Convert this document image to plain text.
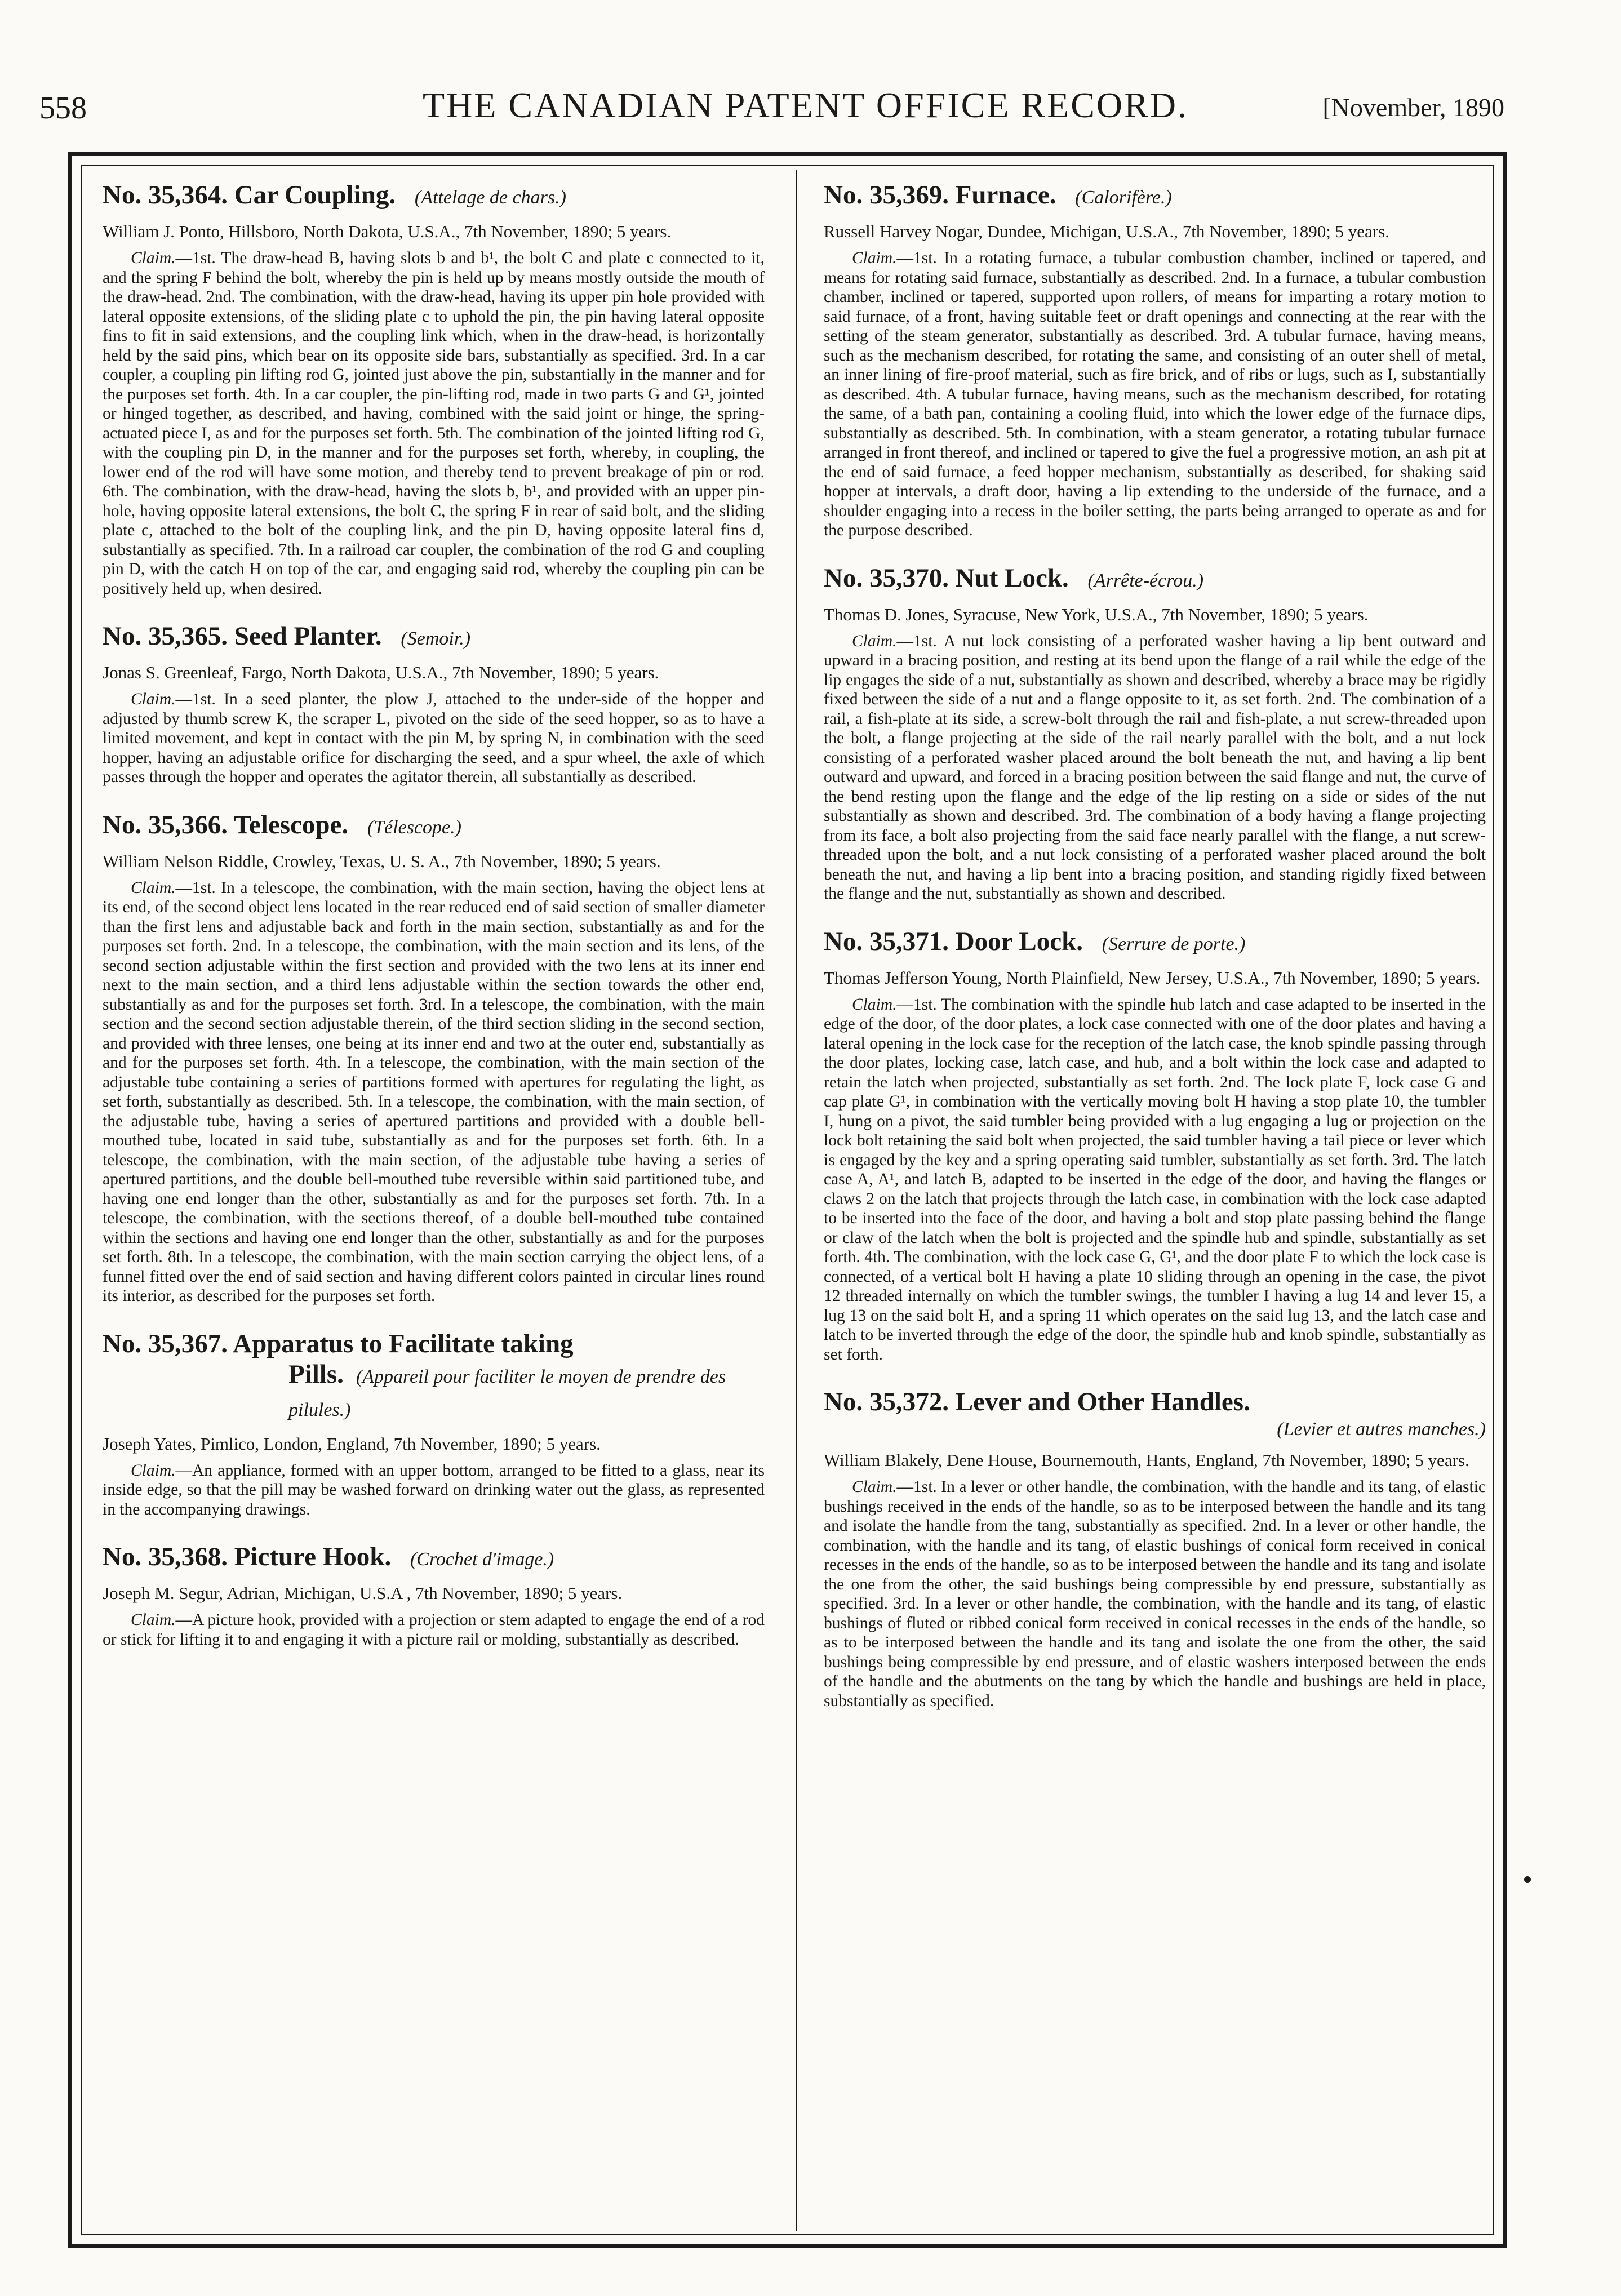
558	THE CANADIAN PATENT OFFICE RECORD.	[November, 1890
No. 35,364. Car Coupling. (Attelage de chars.)

William J. Ponto, Hillsboro, North Dakota, U.S.A., 7th November, 1890; 5 years.

Claim.—1st. The draw-head B, having slots b and b¹, the bolt C and plate c connected to it, and the spring F behind the bolt, whereby the pin is held up by means mostly outside the mouth of the draw-head. 2nd. The combination, with the draw-head, having its upper pin hole provided with lateral opposite extensions, of the sliding plate c to uphold the pin, the pin having lateral opposite fins to fit in said extensions, and the coupling link which, when in the draw-head, is horizontally held by the said pins, which bear on its opposite side bars, substantially as specified. 3rd. In a car coupler, a coupling pin lifting rod G, jointed just above the pin, substantially in the manner and for the purposes set forth. 4th. In a car coupler, the pin-lifting rod, made in two parts G and G¹, jointed or hinged together, as described, and having, combined with the said joint or hinge, the spring-actuated piece I, as and for the purposes set forth. 5th. The combination of the jointed lifting rod G, with the coupling pin D, in the manner and for the purposes set forth, whereby, in coupling, the lower end of the rod will have some motion, and thereby tend to prevent breakage of pin or rod. 6th. The combination, with the draw-head, having the slots b, b¹, and provided with an upper pin-hole, having opposite lateral extensions, the bolt C, the spring F in rear of said bolt, and the sliding plate c, attached to the bolt of the coupling link, and the pin D, having opposite lateral fins d, substantially as specified. 7th. In a railroad car coupler, the combination of the rod G and coupling pin D, with the catch H on top of the car, and engaging said rod, whereby the coupling pin can be positively held up, when desired.

No. 35,365. Seed Planter. (Semoir.)

Jonas S. Greenleaf, Fargo, North Dakota, U.S.A., 7th November, 1890; 5 years.

Claim.—1st. In a seed planter, the plow J, attached to the under-side of the hopper and adjusted by thumb screw K, the scraper L, pivoted on the side of the seed hopper, so as to have a limited movement, and kept in contact with the pin M, by spring N, in combination with the seed hopper, having an adjustable orifice for discharging the seed, and a spur wheel, the axle of which passes through the hopper and operates the agitator therein, all substantially as described.

No. 35,366. Telescope. (Télescope.)

William Nelson Riddle, Crowley, Texas, U. S. A., 7th November, 1890; 5 years.

Claim.—1st. In a telescope, the combination, with the main section, having the object lens at its end, of the second object lens located in the rear reduced end of said section of smaller diameter than the first lens and adjustable back and forth in the main section, substantially as and for the purposes set forth. 2nd. In a telescope, the combination, with the main section and its lens, of the second section adjustable within the first section and provided with the two lens at its inner end next to the main section, and a third lens adjustable within the section towards the other end, substantially as and for the purposes set forth. 3rd. In a telescope, the combination, with the main section and the second section adjustable therein, of the third section sliding in the second section, and provided with three lenses, one being at its inner end and two at the outer end, substantially as and for the purposes set forth. 4th. In a telescope, the combination, with the main section of the adjustable tube containing a series of partitions formed with apertures for regulating the light, as set forth, substantially as described. 5th. In a telescope, the combination, with the main section, of the adjustable tube, having a series of apertured partitions and provided with a double bell-mouthed tube, located in said tube, substantially as and for the purposes set forth. 6th. In a telescope, the combination, with the main section, of the adjustable tube having a series of apertured partitions, and the double bell-mouthed tube reversible within said partitioned tube, and having one end longer than the other, substantially as and for the purposes set forth. 7th. In a telescope, the combination, with the sections thereof, of a double bell-mouthed tube contained within the sections and having one end longer than the other, substantially as and for the purposes set forth. 8th. In a telescope, the combination, with the main section carrying the object lens, of a funnel fitted over the end of said section and having different colors painted in circular lines round its interior, as described for the purposes set forth.

No. 35,367. Apparatus to Facilitate taking
Pills. (Appareil pour faciliter le moyen de prendre des pilules.)

Joseph Yates, Pimlico, London, England, 7th November, 1890; 5 years.

Claim.—An appliance, formed with an upper bottom, arranged to be fitted to a glass, near its inside edge, so that the pill may be washed forward on drinking water out the glass, as represented in the accompanying drawings.

No. 35,368. Picture Hook. (Crochet d'image.)

Joseph M. Segur, Adrian, Michigan, U.S.A , 7th November, 1890; 5 years.

Claim.—A picture hook, provided with a projection or stem adapted to engage the end of a rod or stick for lifting it to and engaging it with a picture rail or molding, substantially as described.

No. 35,369. Furnace. (Calorifère.)

Russell Harvey Nogar, Dundee, Michigan, U.S.A., 7th November, 1890; 5 years.

Claim.—1st. In a rotating furnace, a tubular combustion chamber, inclined or tapered, and means for rotating said furnace, substantially as described. 2nd. In a furnace, a tubular combustion chamber, inclined or tapered, supported upon rollers, of means for imparting a rotary motion to said furnace, of a front, having suitable feet or draft openings and connecting at the rear with the setting of the steam generator, substantially as described. 3rd. A tubular furnace, having means, such as the mechanism described, for rotating the same, and consisting of an outer shell of metal, an inner lining of fire-proof material, such as fire brick, and of ribs or lugs, such as I, substantially as described. 4th. A tubular furnace, having means, such as the mechanism described, for rotating the same, of a bath pan, containing a cooling fluid, into which the lower edge of the furnace dips, substantially as described. 5th. In combination, with a steam generator, a rotating tubular furnace arranged in front thereof, and inclined or tapered to give the fuel a progressive motion, an ash pit at the end of said furnace, a feed hopper mechanism, substantially as described, for shaking said hopper at intervals, a draft door, having a lip extending to the underside of the furnace, and a shoulder engaging into a recess in the boiler setting, the parts being arranged to operate as and for the purpose described.

No. 35,370. Nut Lock. (Arrête-écrou.)

Thomas D. Jones, Syracuse, New York, U.S.A., 7th November, 1890; 5 years.

Claim.—1st. A nut lock consisting of a perforated washer having a lip bent outward and upward in a bracing position, and resting at its bend upon the flange of a rail while the edge of the lip engages the side of a nut, substantially as shown and described, whereby a brace may be rigidly fixed between the side of a nut and a flange opposite to it, as set forth. 2nd. The combination of a rail, a fish-plate at its side, a screw-bolt through the rail and fish-plate, a nut screw-threaded upon the bolt, a flange projecting at the side of the rail nearly parallel with the bolt, and a nut lock consisting of a perforated washer placed around the bolt beneath the nut, and having a lip bent outward and upward, and forced in a bracing position between the said flange and nut, the curve of the bend resting upon the flange and the edge of the lip resting on a side or sides of the nut substantially as shown and described. 3rd. The combination of a body having a flange projecting from its face, a bolt also projecting from the said face nearly parallel with the flange, a nut screw-threaded upon the bolt, and a nut lock consisting of a perforated washer placed around the bolt beneath the nut, and having a lip bent into a bracing position, and standing rigidly fixed between the flange and the nut, substantially as shown and described.

No. 35,371. Door Lock. (Serrure de porte.)

Thomas Jefferson Young, North Plainfield, New Jersey, U.S.A., 7th November, 1890; 5 years.

Claim.—1st. The combination with the spindle hub latch and case adapted to be inserted in the edge of the door, of the door plates, a lock case connected with one of the door plates and having a lateral opening in the lock case for the reception of the latch case, the knob spindle passing through the door plates, locking case, latch case, and hub, and a bolt within the lock case and adapted to retain the latch when projected, substantially as set forth. 2nd. The lock plate F, lock case G and cap plate G¹, in combination with the vertically moving bolt H having a stop plate 10, the tumbler I, hung on a pivot, the said tumbler being provided with a lug engaging a lug or projection on the lock bolt retaining the said bolt when projected, the said tumbler having a tail piece or lever which is engaged by the key and a spring operating said tumbler, substantially as set forth. 3rd. The latch case A, A¹, and latch B, adapted to be inserted in the edge of the door, and having the flanges or claws 2 on the latch that projects through the latch case, in combination with the lock case adapted to be inserted into the face of the door, and having a bolt and stop plate passing behind the flange or claw of the latch when the bolt is projected and the spindle hub and spindle, substantially as set forth. 4th. The combination, with the lock case G, G¹, and the door plate F to which the lock case is connected, of a vertical bolt H having a plate 10 sliding through an opening in the case, the pivot 12 threaded internally on which the tumbler swings, the tumbler I having a lug 14 and lever 15, a lug 13 on the said bolt H, and a spring 11 which operates on the said lug 13, and the latch case and latch to be inverted through the edge of the door, the spindle hub and knob spindle, substantially as set forth.

No. 35,372. Lever and Other Handles.
(Levier et autres manches.)

William Blakely, Dene House, Bournemouth, Hants, England, 7th November, 1890; 5 years.

Claim.—1st. In a lever or other handle, the combination, with the handle and its tang, of elastic bushings received in the ends of the handle, so as to be interposed between the handle and its tang and isolate the handle from the tang, substantially as specified. 2nd. In a lever or other handle, the combination, with the handle and its tang, of elastic bushings of conical form received in conical recesses in the ends of the handle, so as to be interposed between the handle and its tang and isolate the one from the other, the said bushings being compressible by end pressure, substantially as specified. 3rd. In a lever or other handle, the combination, with the handle and its tang, of elastic bushings of fluted or ribbed conical form received in conical recesses in the ends of the handle, so as to be interposed between the handle and its tang and isolate the one from the other, the said bushings being compressible by end pressure, and of elastic washers interposed between the ends of the handle and the abutments on the tang by which the handle and bushings are held in place, substantially as specified.
